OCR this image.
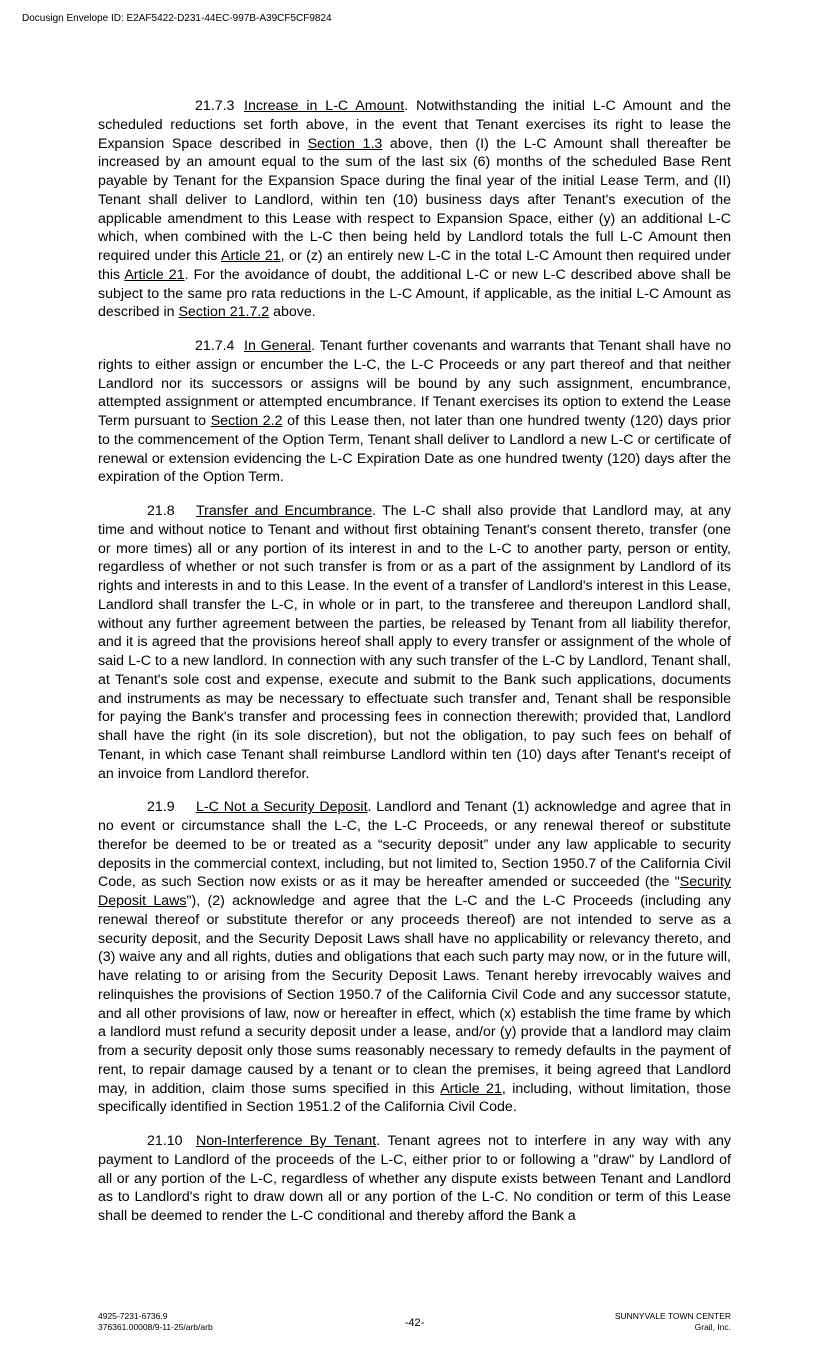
Docusign Envelope ID: E2AF5422-D231-44EC-997B-A39CF5CF9824

21.7.3 Increase in L-C Amount. Notwithstanding the initial L-C Amount and the scheduled reductions set forth above, in the event that Tenant exercises its right to lease the Expansion Space described in Section 1.3 above, then (I) the L-C Amount shall thereafter be increased by an amount equal to the sum of the last six (6) months of the scheduled Base Rent payable by Tenant for the Expansion Space during the final year of the initial Lease Term, and (II) Tenant shall deliver to Landlord, within ten (10) business days after Tenant's execution of the applicable amendment to this Lease with respect to Expansion Space, either (y) an additional L-C which, when combined with the L-C then being held by Landlord totals the full L-C Amount then required under this Article 21, or (z) an entirely new L-C in the total L-C Amount then required under this Article 21. For the avoidance of doubt, the additional L-C or new L-C described above shall be subject to the same pro rata reductions in the L-C Amount, if applicable, as the initial L-C Amount as described in Section 21.7.2 above.

21.7.4 In General. Tenant further covenants and warrants that Tenant shall have no rights to either assign or encumber the L-C, the L-C Proceeds or any part thereof and that neither Landlord nor its successors or assigns will be bound by any such assignment, encumbrance, attempted assignment or attempted encumbrance. If Tenant exercises its option to extend the Lease Term pursuant to Section 2.2 of this Lease then, not later than one hundred twenty (120) days prior to the commencement of the Option Term, Tenant shall deliver to Landlord a new L-C or certificate of renewal or extension evidencing the L-C Expiration Date as one hundred twenty (120) days after the expiration of the Option Term.

21.8 Transfer and Encumbrance. The L-C shall also provide that Landlord may, at any time and without notice to Tenant and without first obtaining Tenant's consent thereto, transfer (one or more times) all or any portion of its interest in and to the L-C to another party, person or entity, regardless of whether or not such transfer is from or as a part of the assignment by Landlord of its rights and interests in and to this Lease. In the event of a transfer of Landlord's interest in this Lease, Landlord shall transfer the L-C, in whole or in part, to the transferee and thereupon Landlord shall, without any further agreement between the parties, be released by Tenant from all liability therefor, and it is agreed that the provisions hereof shall apply to every transfer or assignment of the whole of said L-C to a new landlord. In connection with any such transfer of the L-C by Landlord, Tenant shall, at Tenant's sole cost and expense, execute and submit to the Bank such applications, documents and instruments as may be necessary to effectuate such transfer and, Tenant shall be responsible for paying the Bank's transfer and processing fees in connection therewith; provided that, Landlord shall have the right (in its sole discretion), but not the obligation, to pay such fees on behalf of Tenant, in which case Tenant shall reimburse Landlord within ten (10) days after Tenant's receipt of an invoice from Landlord therefor.

21.9 L-C Not a Security Deposit. Landlord and Tenant (1) acknowledge and agree that in no event or circumstance shall the L-C, the L-C Proceeds, or any renewal thereof or substitute therefor be deemed to be or treated as a “security deposit” under any law applicable to security deposits in the commercial context, including, but not limited to, Section 1950.7 of the California Civil Code, as such Section now exists or as it may be hereafter amended or succeeded (the "Security Deposit Laws"), (2) acknowledge and agree that the L-C and the L-C Proceeds (including any renewal thereof or substitute therefor or any proceeds thereof) are not intended to serve as a security deposit, and the Security Deposit Laws shall have no applicability or relevancy thereto, and (3) waive any and all rights, duties and obligations that each such party may now, or in the future will, have relating to or arising from the Security Deposit Laws. Tenant hereby irrevocably waives and relinquishes the provisions of Section 1950.7 of the California Civil Code and any successor statute, and all other provisions of law, now or hereafter in effect, which (x) establish the time frame by which a landlord must refund a security deposit under a lease, and/or (y) provide that a landlord may claim from a security deposit only those sums reasonably necessary to remedy defaults in the payment of rent, to repair damage caused by a tenant or to clean the premises, it being agreed that Landlord may, in addition, claim those sums specified in this Article 21, including, without limitation, those specifically identified in Section 1951.2 of the California Civil Code.

21.10 Non-Interference By Tenant. Tenant agrees not to interfere in any way with any payment to Landlord of the proceeds of the L-C, either prior to or following a "draw" by Landlord of all or any portion of the L-C, regardless of whether any dispute exists between Tenant and Landlord as to Landlord's right to draw down all or any portion of the L-C. No condition or term of this Lease shall be deemed to render the L-C conditional and thereby afford the Bank a

4925-7231-6736.9
376361.00008/9-11-25/arb/arb	-42-
SUNNYVALE TOWN CENTER
Grail, Inc.
